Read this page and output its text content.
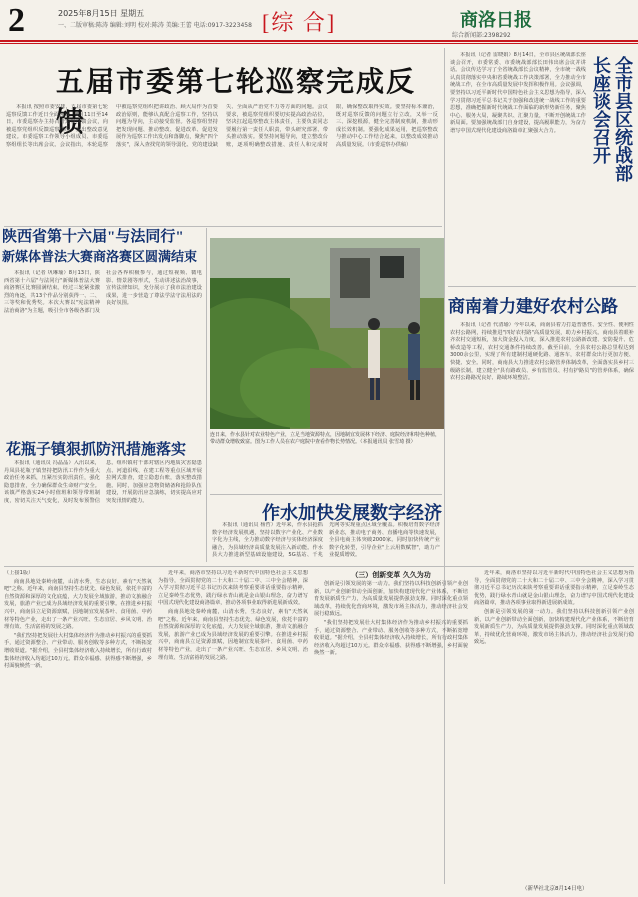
2	2025年8月15日 星期五
一、二版审稿:陈涛 编辑:刘明 校对:陈涛 美编:王蕾 电话:0917-3223458 [综 合]	商洛日报
综合新闻部:2398292
五届市委第七轮巡察完成反馈

本报讯 按照市委安排，五届市委第七轮巡察反馈工作近日全面完成。8月11日至14日，市委巡察办主持召开巡察反馈会议，向被巡察党组织反馈巡察情况，提出整改意见建议。市委巡察工作领导小组成员、市委巡察组组长等出席会议。会议指出，本轮巡察中被巡察党组织把讲政治、顾大局作为首要政治原则，能够认真配合巡察工作，坚持以问题为导向，主动接受监督。各巡察组坚持把发现问题、推动整改、促进改革、促进发展作为巡察工作出发点和落脚点，聚焦"四个落实"，深入查找党的领导弱化、党的建设缺失、全面从严治党不力等方面的问题。会议要求，被巡察党组织要切实提高政治站位，坚决扛起巡察整改主体责任，主要负责同志要履行第一责任人职责，带头研究部署、带头推动落实。要坚持问题导向，建立整改台账，逐项明确整改措施、责任人和完成时限，确保整改取得实效。要坚持标本兼治，既对巡察反馈的问题立行立改，又举一反三、深挖根源，健全完善制度机制，推动形成长效机制。要强化成果运用，把巡察整改与推动中心工作结合起来，以整改成效推动高质量发展。（市委巡察办供稿）

本报讯（记者 雷晓娟）8月14日，全市县区统战部长座谈会召开，市委常委、市委统战部部长田伟出席会议并讲话。会议传达学习了全省统战部长会议精神，全市统一战线认真贯彻落实中央和省委统战工作决策部署，全力推动全市统战工作，在全市高质量发展中发挥积极作用。会议强调，要坚持以习近平新时代中国特色社会主义思想为指导，深入学习贯彻习近平总书记关于加强和改进统一战线工作的重要思想，准确把握新时代统战工作面临的新形势新任务，聚焦中心、服务大局，凝聚共识、汇聚力量，不断开创统战工作新局面。要加强统战部门自身建设，提高履职能力，为奋力谱写中国式现代化建设商洛篇章汇聚强大合力。	全市县区统战部
长座谈会召开
商南着力建好农村公路

本报讯（记者 代清瑜）今年以来，商南县着力打造普惠性、安全性、便利性农村公路网，持续推进"四好农村路"高质量发展，助力乡村振兴。商南县着眼补齐农村交通短板，加大资金投入力度，深入推进农村公路新改建、安防提升、危桥改造等工程，农村交通条件持续改善。截至目前，全县农村公路总里程达到3000余公里，实现了所有建制村通硬化路、通客车，农村群众出行更加方便、快捷、安全。同时，商南县大力推进农村公路管养体制改革，全面落实县乡村三级路长制，建立健全"县有路政员、乡有监管员、村有护路员"的管养体系，确保农村公路路况良好、路域环境整洁。

陕西省第十六届"与法同行"
新媒体普法大赛商洛赛区圆满结束

本报讯（记者 巩琳瑜）8月13日，陕西省第十六届"与法同行"新媒体普法大赛商洛赛区比赛圆满结束。经过三轮紧张激烈的角逐，共13个作品分别获得一、二、三等奖和优秀奖。本次大赛以"宪法精神 法治商洛"为主题，吸引全市各级各部门及社会各界积极参与，通过短视频、微电影、情景剧等形式，生动讲述法治故事，宣传法律知识，充分展示了我市法治建设成果，进一步营造了尊法学法守法用法的良好氛围。

连日来，作水县针对农业特色产业，立足当地资源特点，因地制宜发展林下经济、庭院经济和特色种植，带动群众增收致富。图为工作人员在农户庭院中查看作物长势情况。（本报通讯员 张雪琦 摄）
花瓶子镇狠抓防汛措施落实

本报讯（通讯员 冯晶晶）入汛以来，丹凤县花瓶子镇坚持把防汛工作作为重大政治任务来抓，压紧压实防汛责任，强化隐患排查，全力确保群众生命财产安全。该镇严格落实24小时值班和领导带班制度，密切关注天气变化，及时发布预警信息。组织镇村干部对辖区内地质灾害隐患点、河道沿线、在建工程等重点区域开展拉网式排查，建立隐患台账，落实整改措施。同时，加强应急物资储备和抢险队伍建设，开展防汛应急演练，切实提高应对突发汛情的能力。

作水加快发展数字经济

本报讯（通讯员 杨哲）近年来，作水县抢抓数字经济发展机遇，坚持以数字产业化、产业数字化为主线，全力推动数字经济与实体经济深度融合，为县域经济高质量发展注入新动能。作水县大力推进新型基础设施建设，5G基站、千兆光网等实现重点区域全覆盖。积极培育数字经济新业态，推动电子商务、直播电商等快速发展，全县电商主体突破2000家。同时加快传统产业数字化转型，引导企业"上云用数赋智"，助力产业提质增效。

（上接1版）

商南县地处秦岭南麓，山清水秀，生态良好，素有"天然氧吧"之称。近年来，商南县坚持生态优先、绿色发展，依托丰富的自然资源和深厚的文化底蕴，大力发展全域旅游，推动文旅融合发展，旅游产业已成为县域经济发展的重要引擎。在推进乡村振兴中，商南县立足资源禀赋，因地制宜发展茶叶、食用菌、中药材等特色产业，走出了一条产业兴旺、生态宜居、乡风文明、治理有效、生活富裕的发展之路。

"我们坚持把发展壮大村集体经济作为推动乡村振兴的重要抓手，通过资源整合、产业带动、服务创收等多种方式，不断拓宽增收渠道。"据介绍，全县村集体经济收入持续增长，所有行政村集体经济收入均超过10万元。群众幸福感、获得感不断增强，乡村面貌焕然一新。

近年来，商洛市坚持以习近平新时代中国特色社会主义思想为指导，全面贯彻党的二十大和二十届二中、三中全会精神，深入学习贯彻习近平总书记历次来陕考察重要讲话重要指示精神，立足秦岭生态优势，践行绿水青山就是金山银山理念，奋力谱写中国式现代化建设商洛篇章，推动各项事业取得新进展新成效。

商南县地处秦岭南麓，山清水秀，生态良好，素有"天然氧吧"之称。近年来，商南县坚持生态优先、绿色发展，依托丰富的自然资源和深厚的文化底蕴，大力发展全域旅游，推动文旅融合发展，旅游产业已成为县域经济发展的重要引擎。在推进乡村振兴中，商南县立足资源禀赋，因地制宜发展茶叶、食用菌、中药材等特色产业，走出了一条产业兴旺、生态宜居、乡风文明、治理有效、生活富裕的发展之路。

（三）创新变革 久久为功

创新是引领发展的第一动力。我们坚持以科技创新引领产业创新，以产业创新带动全面创新，加快构建现代化产业体系，不断培育发展新质生产力，为高质量发展提供强劲支撑。同时深化重点领域改革，持续优化营商环境，激发市场主体活力，推动经济社会发展行稳致远。

"我们坚持把发展壮大村集体经济作为推动乡村振兴的重要抓手，通过资源整合、产业带动、服务创收等多种方式，不断拓宽增收渠道。"据介绍，全县村集体经济收入持续增长，所有行政村集体经济收入均超过10万元。群众幸福感、获得感不断增强，乡村面貌焕然一新。

近年来，商洛市坚持以习近平新时代中国特色社会主义思想为指导，全面贯彻党的二十大和二十届二中、三中全会精神，深入学习贯彻习近平总书记历次来陕考察重要讲话重要指示精神，立足秦岭生态优势，践行绿水青山就是金山银山理念，奋力谱写中国式现代化建设商洛篇章，推动各项事业取得新进展新成效。

创新是引领发展的第一动力。我们坚持以科技创新引领产业创新，以产业创新带动全面创新，加快构建现代化产业体系，不断培育发展新质生产力，为高质量发展提供强劲支撑。同时深化重点领域改革，持续优化营商环境，激发市场主体活力，推动经济社会发展行稳致远。

（新华社北京8月14日电）
